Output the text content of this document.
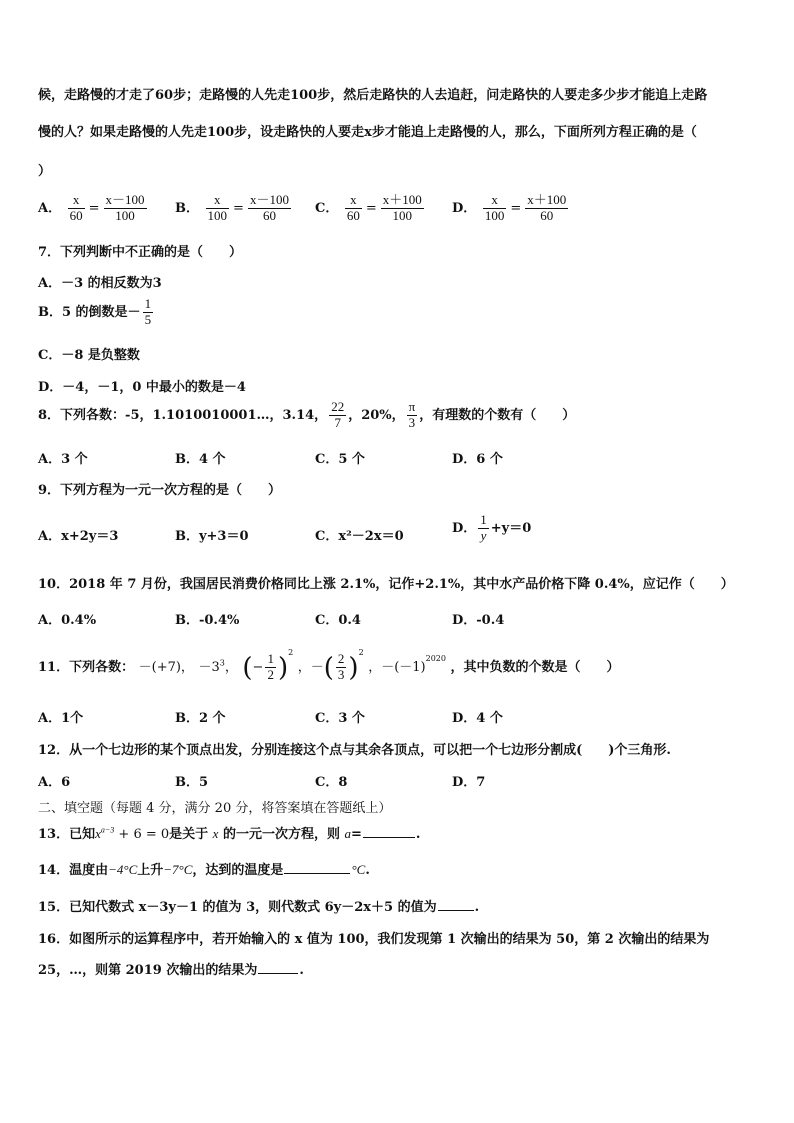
候，走路慢的才走了60步；走路慢的人先走100步，然后走路快的人去追赶，问走路快的人要走多少步才能追上走路
慢的人？如果走路慢的人先走100步，设走路快的人要走x步才能追上走路慢的人，那么，下面所列方程正确的是（
）
A． $\frac{x}{60} = \frac{x-100}{100}$ B． $\frac{x}{100} = \frac{x-100}{60}$ C． $\frac{x}{60} = \frac{x+100}{100}$ D． $\frac{x}{100} = \frac{x+100}{60}$
7．下列判断中不正确的是（　　）
A．－3 的相反数为3
B．5 的倒数是－ $\frac{1}{5}$
C．－8 是负整数
D．－4，－1，0 中最小的数是－4
8．下列各数：-5，1.1010010001…，3.14， $\frac{22}{7}$ ，20%， $\frac{\pi}{3}$ ，有理数的个数有（　　）
A．3 个	B．4 个	C．5 个	D．6 个
9．下列方程为一元一次方程的是（　　）
A．x+2y＝3	B．y+3＝0	C．x²－2x＝0
D． $\frac{1}{y} +y=0$
10．2018 年 7 月份，我国居民消费价格同比上涨 2.1%，记作+2.1%，其中水产品价格下降 0.4%，应记作（　　）
A．0.4%	B．-0.4%	C．0.4	D．-0.4
11．下列各数： －(+7)， $-3^3$， (− $\frac{1}{2} )^2$ ，－( $\frac{2}{3} )^2$ ，$-(-1)^{2020}$ ，其中负数的个数是（　　）
A．1个	B．2 个	C．3 个	D．4 个
12．从一个七边形的某个顶点出发，分别连接这个点与其余各顶点，可以把一个七边形分割成(　　)个三角形.
A．6	B．5	C．8	D．7
二、填空题（每题 4 分，满分 20 分，将答案填在答题纸上）
13．已知$x^{a-3} + 6 = 0$是关于 x 的一元一次方程，则 a=	.
14．温度由−4°C上升−7°C，达到的温度是	°C.
15．已知代数式 x－3y－1 的值为 3，则代数式 6y－2x＋5 的值为	.
16．如图所示的运算程序中，若开始输入的 x 值为 100，我们发现第 1 次输出的结果为 50，第 2 次输出的结果为
25，…，则第 2019 次输出的结果为	.
